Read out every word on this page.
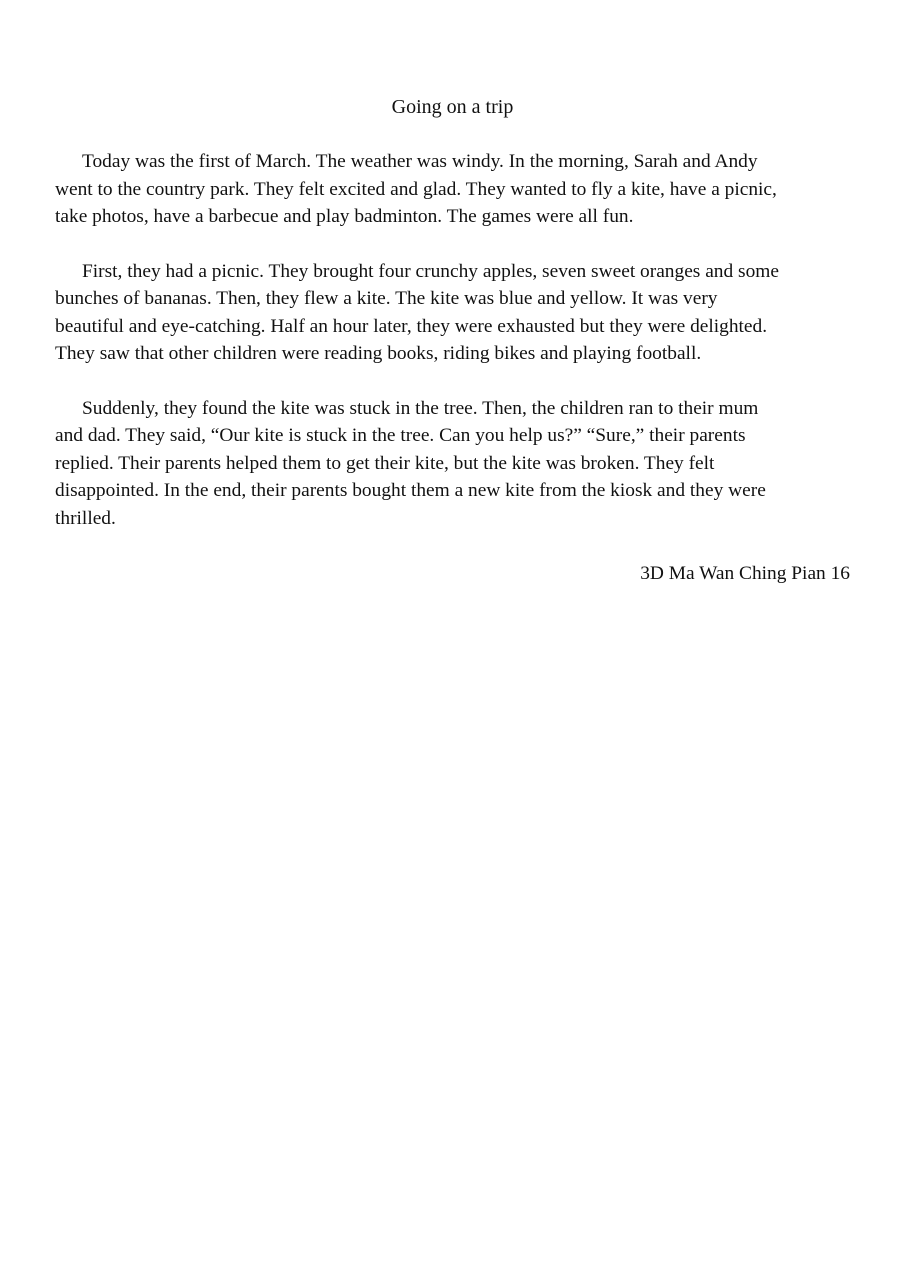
Going on a trip

Today was the first of March. The weather was windy. In the morning, Sarah and Andy
went to the country park. They felt excited and glad. They wanted to fly a kite, have a picnic,
take photos, have a barbecue and play badminton. The games were all fun.

First, they had a picnic. They brought four crunchy apples, seven sweet oranges and some
bunches of bananas. Then, they flew a kite. The kite was blue and yellow. It was very
beautiful and eye-catching. Half an hour later, they were exhausted but they were delighted.
They saw that other children were reading books, riding bikes and playing football.

Suddenly, they found the kite was stuck in the tree. Then, the children ran to their mum
and dad. They said, “Our kite is stuck in the tree. Can you help us?” “Sure,” their parents
replied. Their parents helped them to get their kite, but the kite was broken. They felt
disappointed. In the end, their parents bought them a new kite from the kiosk and they were
thrilled.

3D Ma Wan Ching Pian 16
